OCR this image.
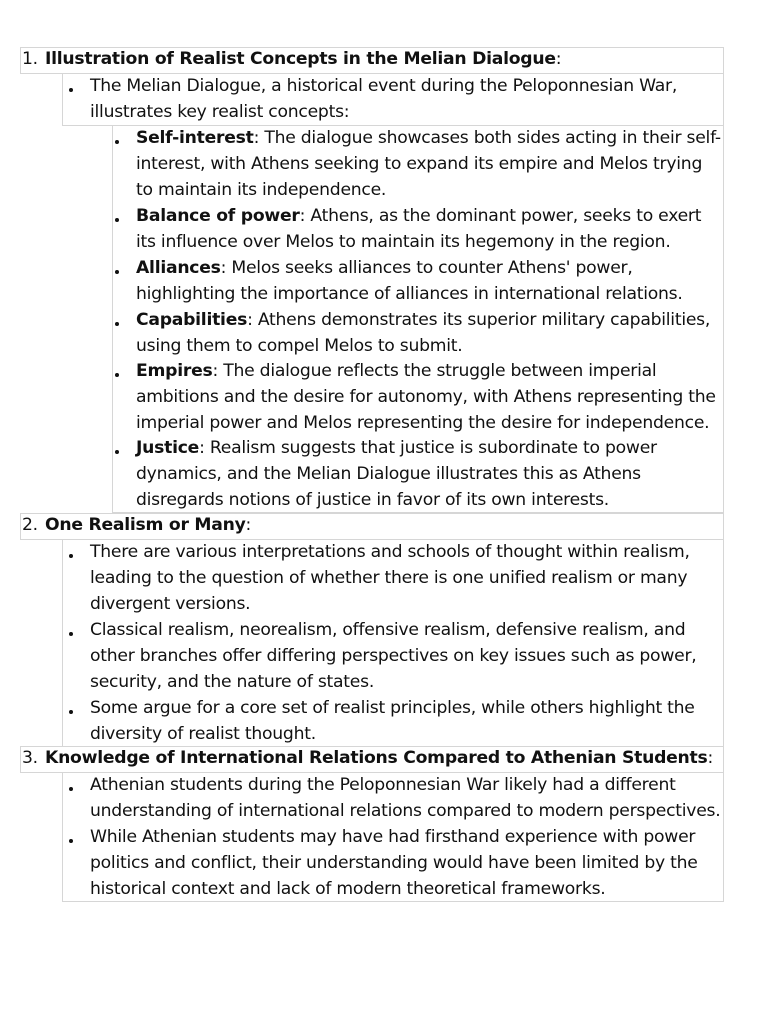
1. Illustration of Realist Concepts in the Melian Dialogue:
The Melian Dialogue, a historical event during the Peloponnesian War, illustrates key realist concepts:
Self-interest: The dialogue showcases both sides acting in their self-interest, with Athens seeking to expand its empire and Melos trying to maintain its independence.
Balance of power: Athens, as the dominant power, seeks to exert its influence over Melos to maintain its hegemony in the region.
Alliances: Melos seeks alliances to counter Athens' power, highlighting the importance of alliances in international relations.
Capabilities: Athens demonstrates its superior military capabilities, using them to compel Melos to submit.
Empires: The dialogue reflects the struggle between imperial ambitions and the desire for autonomy, with Athens representing the imperial power and Melos representing the desire for independence.
Justice: Realism suggests that justice is subordinate to power dynamics, and the Melian Dialogue illustrates this as Athens disregards notions of justice in favor of its own interests.
2. One Realism or Many:
There are various interpretations and schools of thought within realism, leading to the question of whether there is one unified realism or many divergent versions.
Classical realism, neorealism, offensive realism, defensive realism, and other branches offer differing perspectives on key issues such as power, security, and the nature of states.
Some argue for a core set of realist principles, while others highlight the diversity of realist thought.
3. Knowledge of International Relations Compared to Athenian Students:
Athenian students during the Peloponnesian War likely had a different understanding of international relations compared to modern perspectives.
While Athenian students may have had firsthand experience with power politics and conflict, their understanding would have been limited by the historical context and lack of modern theoretical frameworks.
